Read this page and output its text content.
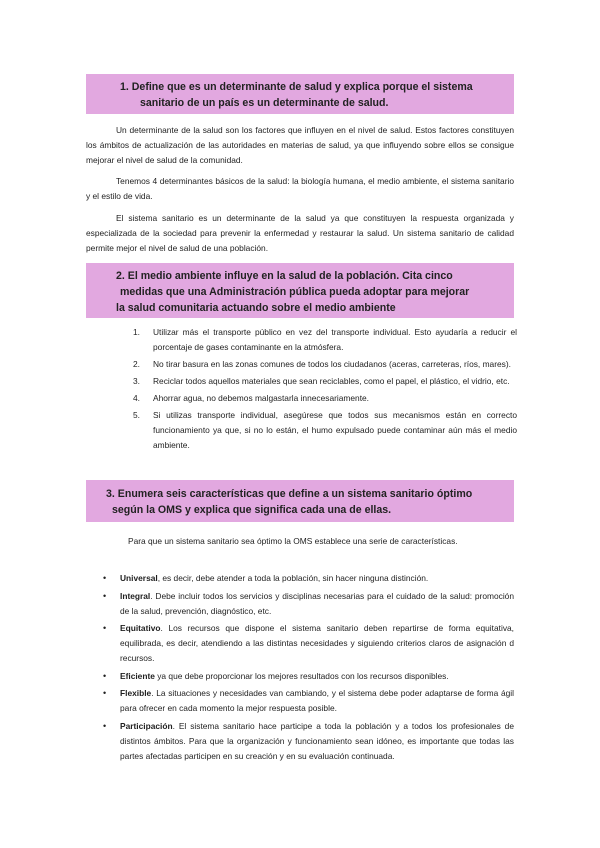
1. Define que es un determinante de salud y explica porque el sistema
sanitario de un país es un determinante de salud.

Un determinante de la salud son los factores que influyen en el nivel de salud. Estos factores constituyen los ámbitos de actualización de las autoridades en materias de salud, ya que influyendo sobre ellos se consigue mejorar el nivel de salud de la comunidad.

Tenemos 4 determinantes básicos de la salud: la biología humana, el medio ambiente, el sistema sanitario y el estilo de vida.

El sistema sanitario es un determinante de la salud ya que constituyen la respuesta organizada y especializada de la sociedad para prevenir la enfermedad y restaurar la salud. Un sistema sanitario de calidad permite mejor el nivel de salud de una población.

2. El medio ambiente influye en la salud de la población. Cita cinco
medidas que una Administración pública pueda adoptar para mejorar
la salud comunitaria actuando sobre el medio ambiente
1. Utilizar más el transporte público en vez del transporte individual. Esto ayudaría a reducir el porcentaje de gases contaminante en la atmósfera.
2. No tirar basura en las zonas comunes de todos los ciudadanos (aceras, carreteras, ríos, mares).
3. Reciclar todos aquellos materiales que sean reciclables, como el papel, el plástico, el vidrio, etc.
4. Ahorrar agua, no debemos malgastarla innecesariamente.
5. Si utilizas transporte individual, asegúrese que todos sus mecanismos están en correcto funcionamiento ya que, si no lo están, el humo expulsado puede contaminar aún más el medio ambiente.
3. Enumera seis características que define a un sistema sanitario óptimo
según la OMS y explica que significa cada una de ellas.

Para que un sistema sanitario sea óptimo la OMS establece una serie de características.

• Universal, es decir, debe atender a toda la población, sin hacer ninguna distinción.
• Integral. Debe incluir todos los servicios y disciplinas necesarias para el cuidado de la salud: promoción de la salud, prevención, diagnóstico, etc.
• Equitativo. Los recursos que dispone el sistema sanitario deben repartirse de forma equitativa, equilibrada, es decir, atendiendo a las distintas necesidades y siguiendo criterios claros de asignación d recursos.
• Eficiente ya que debe proporcionar los mejores resultados con los recursos disponibles.
• Flexible. La situaciones y necesidades van cambiando, y el sistema debe poder adaptarse de forma ágil para ofrecer en cada momento la mejor respuesta posible.
• Participación. El sistema sanitario hace participe a toda la población y a todos los profesionales de distintos ámbitos. Para que la organización y funcionamiento sean idóneo, es importante que todas las partes afectadas participen en su creación y en su evaluación continuada.
